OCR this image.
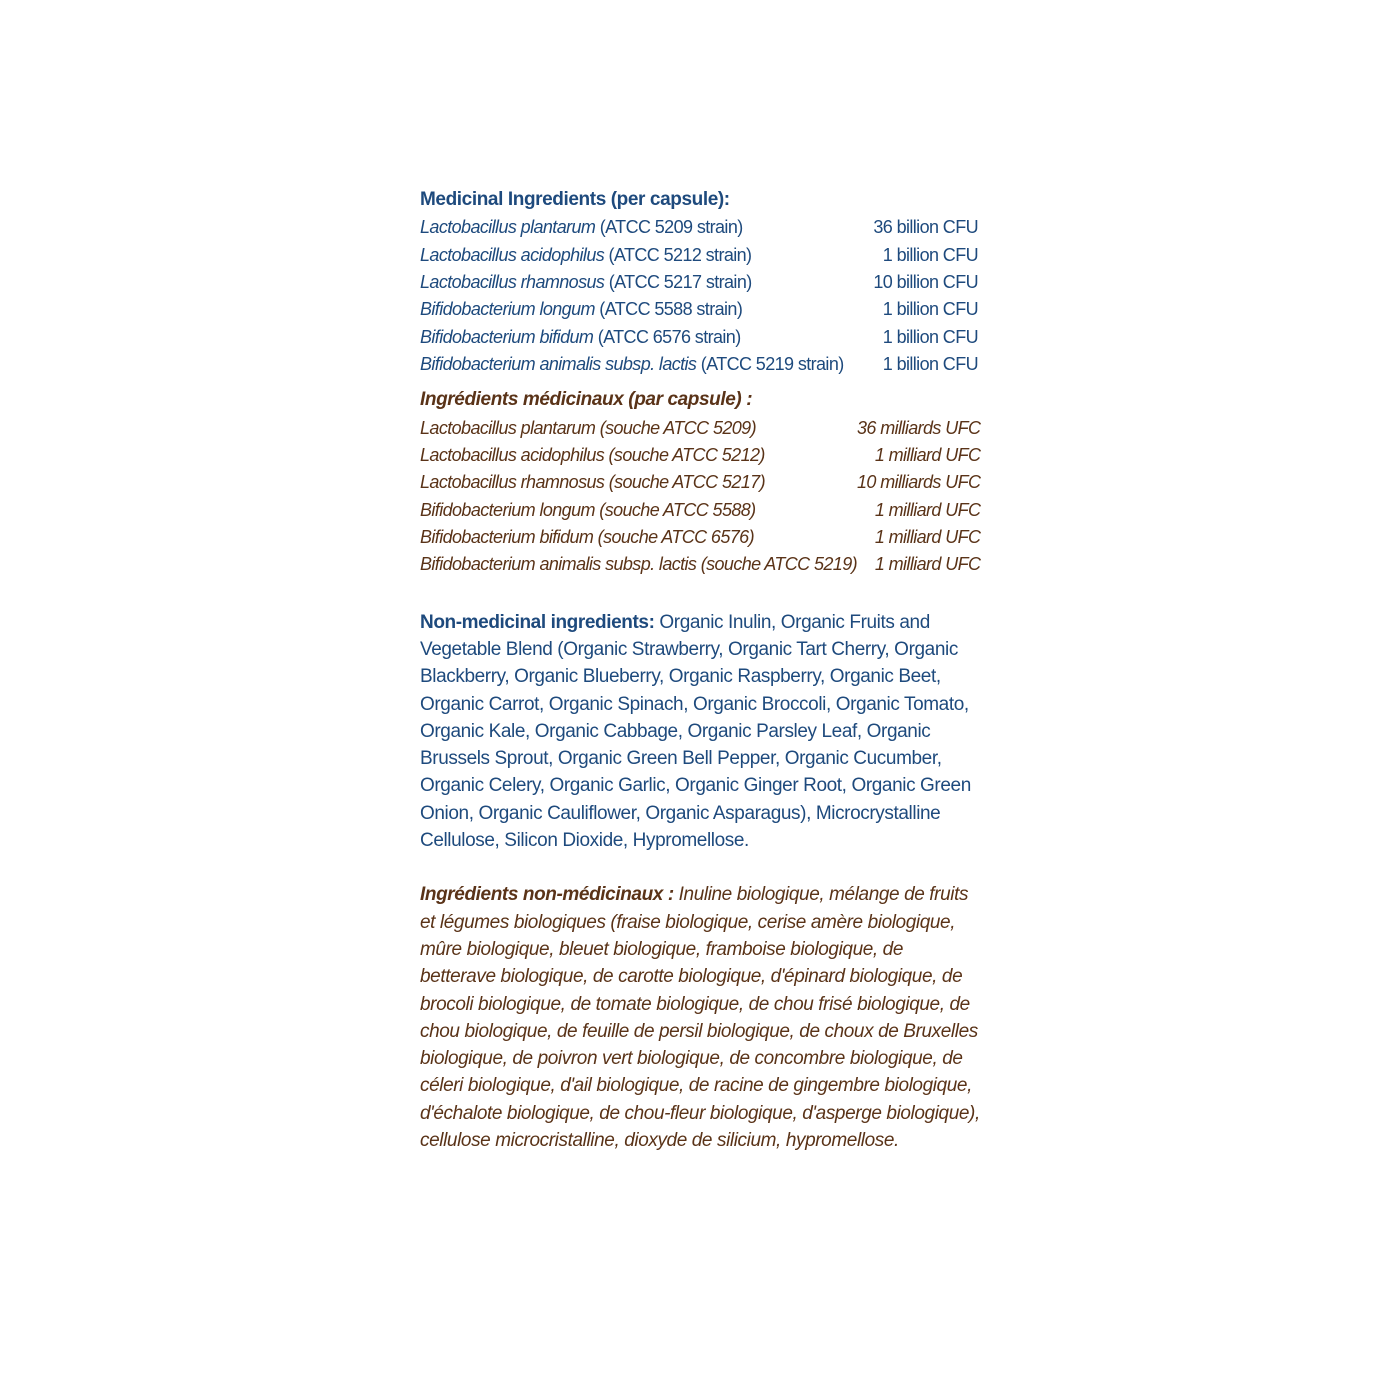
Medicinal Ingredients (per capsule):
Lactobacillus plantarum (ATCC 5209 strain)	36 billion CFU
Lactobacillus acidophilus (ATCC 5212 strain)	1 billion CFU
Lactobacillus rhamnosus (ATCC 5217 strain)	10 billion CFU
Bifidobacterium longum (ATCC 5588 strain)	1 billion CFU
Bifidobacterium bifidum (ATCC 6576 strain)	1 billion CFU
Bifidobacterium animalis subsp. lactis (ATCC 5219 strain)	1 billion CFU
Ingrédients médicinaux (par capsule) :
Lactobacillus plantarum (souche ATCC 5209)	36 milliards UFC
Lactobacillus acidophilus (souche ATCC 5212)	1 milliard UFC
Lactobacillus rhamnosus (souche ATCC 5217)	10 milliards UFC
Bifidobacterium longum (souche ATCC 5588)	1 milliard UFC
Bifidobacterium bifidum (souche ATCC 6576)	1 milliard UFC
Bifidobacterium animalis subsp. lactis (souche ATCC 5219)	1 milliard UFC

Non-medicinal ingredients: Organic Inulin, Organic Fruits and Vegetable Blend (Organic Strawberry, Organic Tart Cherry, Organic Blackberry, Organic Blueberry, Organic Raspberry, Organic Beet, Organic Carrot, Organic Spinach, Organic Broccoli, Organic Tomato, Organic Kale, Organic Cabbage, Organic Parsley Leaf, Organic Brussels Sprout, Organic Green Bell Pepper, Organic Cucumber, Organic Celery, Organic Garlic, Organic Ginger Root, Organic Green Onion, Organic Cauliflower, Organic Asparagus), Microcrystalline Cellulose, Silicon Dioxide, Hypromellose.

Ingrédients non-médicinaux : Inuline biologique, mélange de fruits et légumes biologiques (fraise biologique, cerise amère biologique, mûre biologique, bleuet biologique, framboise biologique, de betterave biologique, de carotte biologique, d'épinard biologique, de brocoli biologique, de tomate biologique, de chou frisé biologique, de chou biologique, de feuille de persil biologique, de choux de Bruxelles biologique, de poivron vert biologique, de concombre biologique, de céleri biologique, d'ail biologique, de racine de gingembre biologique, d'échalote biologique, de chou-fleur biologique, d'asperge biologique), cellulose microcristalline, dioxyde de silicium, hypromellose.
